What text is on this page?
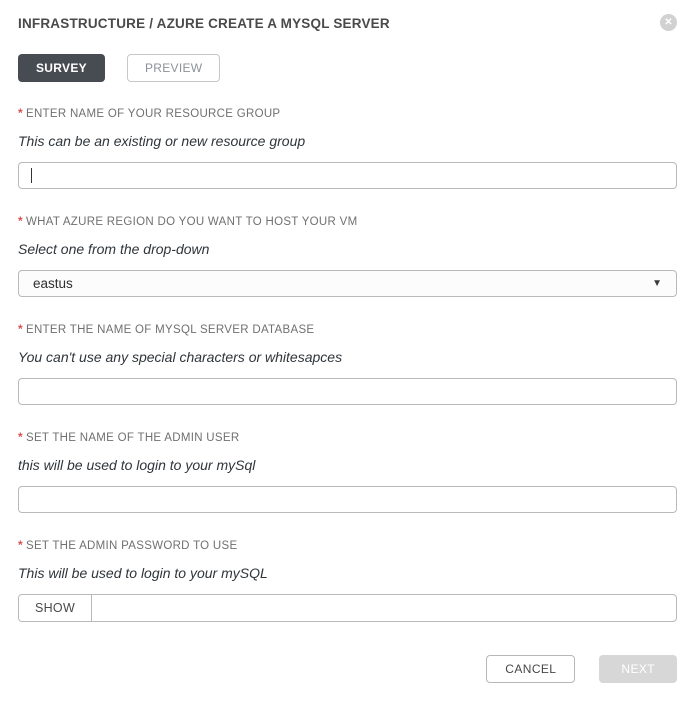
INFRASTRUCTURE / AZURE CREATE A MYSQL SERVER	✕
SURVEY	PREVIEW
* ENTER NAME OF YOUR RESOURCE GROUP
This can be an existing or new resource group
* WHAT AZURE REGION DO YOU WANT TO HOST YOUR VM
Select one from the drop-down
eastus	▼
* ENTER THE NAME OF MYSQL SERVER DATABASE
You can't use any special characters or whitesapces
* SET THE NAME OF THE ADMIN USER
this will be used to login to your mySql
* SET THE ADMIN PASSWORD TO USE
This will be used to login to your mySQL
SHOW
CANCEL	NEXT
